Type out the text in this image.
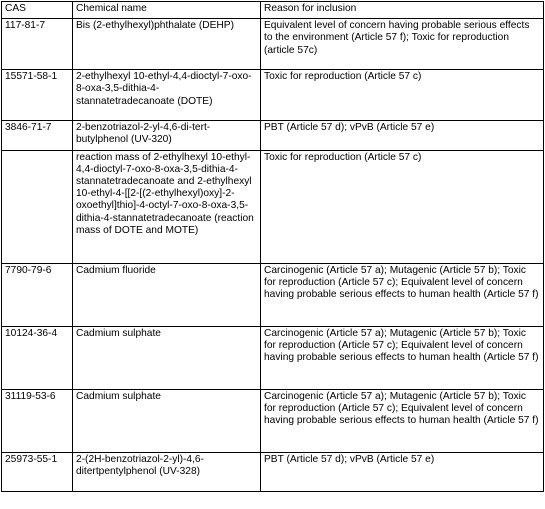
CAS	Chemical name	Reason for inclusion
117-81-7	Bis (2-ethylhexyl)phthalate (DEHP)	Equivalent level of concern having probable serious effects to the environment (Article 57 f); Toxic for reproduction (article 57c)
15571-58-1	2-ethylhexyl 10-ethyl-4,4-dioctyl-7-oxo-8-oxa-3,5-dithia-4-stannatetradecanoate (DOTE)	Toxic for reproduction (Article 57 c)
3846-71-7	2-benzotriazol-2-yl-4,6-di-tert-butylphenol (UV-320)	PBT (Article 57 d); vPvB (Article 57 e)
	reaction mass of 2-ethylhexyl 10-ethyl-4,4-dioctyl-7-oxo-8-oxa-3,5-dithia-4-stannatetradecanoate and 2-ethylhexyl 10-ethyl-4-[[2-[(2-ethylhexyl)oxy]-2-oxoethyl]thio]-4-octyl-7-oxo-8-oxa-3,5-dithia-4-stannatetradecanoate (reaction mass of DOTE and MOTE)	Toxic for reproduction (Article 57 c)
7790-79-6	Cadmium fluoride	Carcinogenic (Article 57 a); Mutagenic (Article 57 b); Toxic for reproduction (Article 57 c); Equivalent level of concern having probable serious effects to human health (Article 57 f)
10124-36-4	Cadmium sulphate	Carcinogenic (Article 57 a); Mutagenic (Article 57 b); Toxic for reproduction (Article 57 c); Equivalent level of concern having probable serious effects to human health (Article 57 f)
31119-53-6	Cadmium sulphate	Carcinogenic (Article 57 a); Mutagenic (Article 57 b); Toxic for reproduction (Article 57 c); Equivalent level of concern having probable serious effects to human health (Article 57 f)
25973-55-1	2-(2H-benzotriazol-2-yl)-4,6-ditertpentylphenol (UV-328)	PBT (Article 57 d); vPvB (Article 57 e)
